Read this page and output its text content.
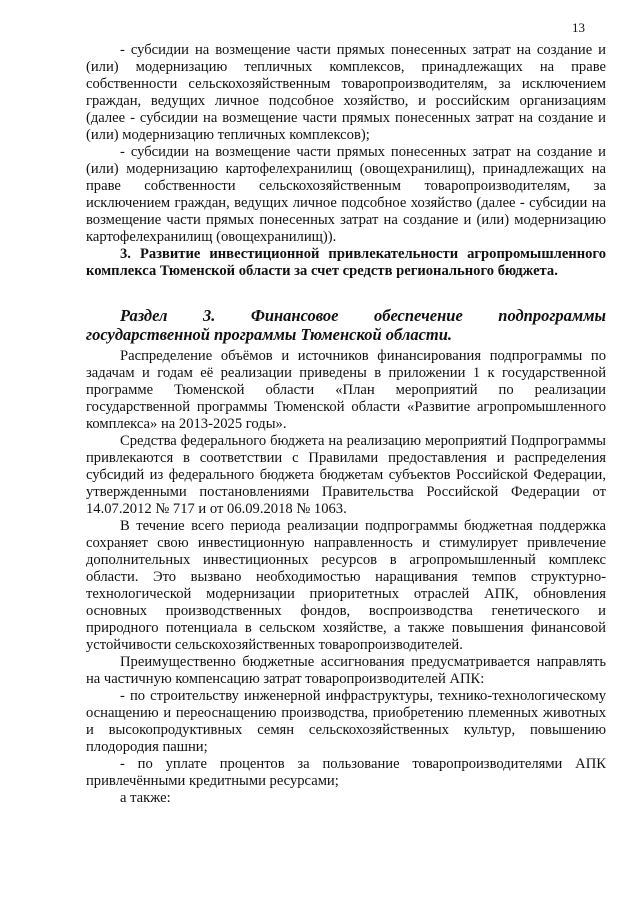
13

- субсидии на возмещение части прямых понесенных затрат на создание и (или) модернизацию тепличных комплексов, принадлежащих на праве собственности сельскохозяйственным товаропроизводителям, за исключением граждан, ведущих личное подсобное хозяйство, и российским организациям (далее - субсидии на возмещение части прямых понесенных затрат на создание и (или) модернизацию тепличных комплексов);

- субсидии на возмещение части прямых понесенных затрат на создание и (или) модернизацию картофелехранилищ (овощехранилищ), принадлежащих на праве собственности сельскохозяйственным товаропроизводителям, за исключением граждан, ведущих личное подсобное хозяйство (далее - субсидии на возмещение части прямых понесенных затрат на создание и (или) модернизацию картофелехранилищ (овощехранилищ)).

3. Развитие инвестиционной привлекательности агропромышленного комплекса Тюменской области за счет средств регионального бюджета.

Раздел 3. Финансовое обеспечение подпрограммы государственной программы Тюменской области.

Распределение объёмов и источников финансирования подпрограммы по задачам и годам её реализации приведены в приложении 1 к государственной программе Тюменской области «План мероприятий по реализации государственной программы Тюменской области «Развитие агропромышленного комплекса» на 2013-2025 годы».

Средства федерального бюджета на реализацию мероприятий Подпрограммы привлекаются в соответствии с Правилами предоставления и распределения субсидий из федерального бюджета бюджетам субъектов Российской Федерации, утвержденными постановлениями Правительства Российской Федерации от 14.07.2012 № 717 и от 06.09.2018 № 1063.

В течение всего периода реализации подпрограммы бюджетная поддержка сохраняет свою инвестиционную направленность и стимулирует привлечение дополнительных инвестиционных ресурсов в агропромышленный комплекс области. Это вызвано необходимостью наращивания темпов структурно-технологической модернизации приоритетных отраслей АПК, обновления основных производственных фондов, воспроизводства генетического и природного потенциала в сельском хозяйстве, а также повышения финансовой устойчивости сельскохозяйственных товаропроизводителей.

Преимущественно бюджетные ассигнования предусматривается направлять на частичную компенсацию затрат товаропроизводителей АПК:

- по строительству инженерной инфраструктуры, технико-технологическому оснащению и переоснащению производства, приобретению племенных животных и высокопродуктивных семян сельскохозяйственных культур, повышению плодородия пашни;

- по уплате процентов за пользование товаропроизводителями АПК привлечёнными кредитными ресурсами;

а также:
